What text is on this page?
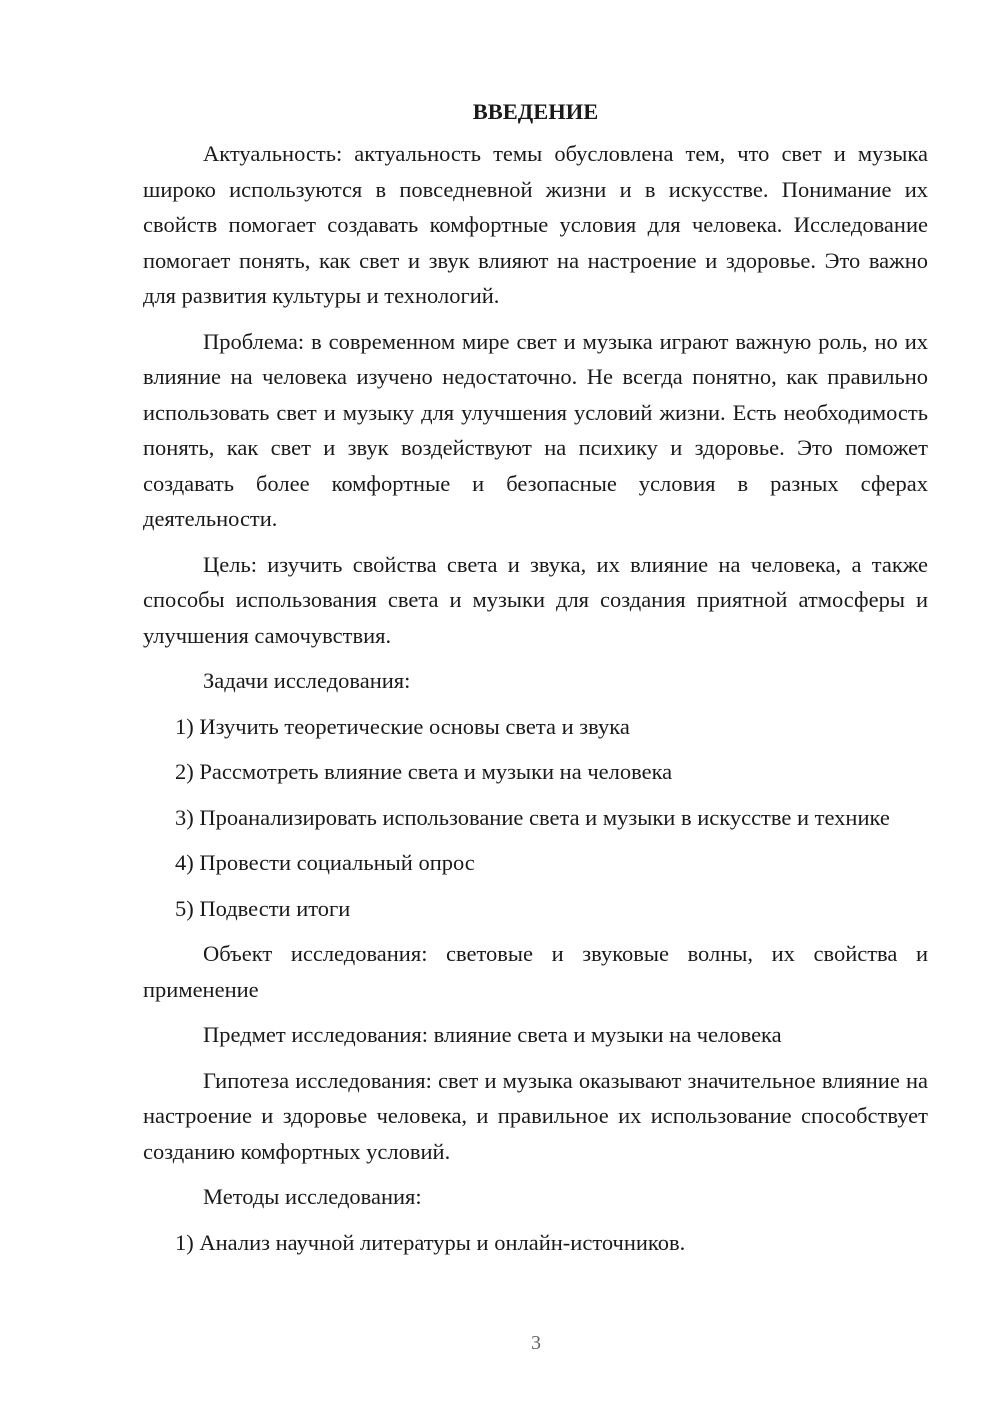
ВВЕДЕНИЕ

Актуальность: актуальность темы обусловлена тем, что свет и музыка широко используются в повседневной жизни и в искусстве. Понимание их свойств помогает создавать комфортные условия для человека. Исследование помогает понять, как свет и звук влияют на настроение и здоровье. Это важно для развития культуры и технологий.

Проблема: в современном мире свет и музыка играют важную роль, но их влияние на человека изучено недостаточно. Не всегда понятно, как правильно использовать свет и музыку для улучшения условий жизни. Есть необходимость понять, как свет и звук воздействуют на психику и здоровье. Это поможет создавать более комфортные и безопасные условия в разных сферах деятельности.

Цель: изучить свойства света и звука, их влияние на человека, а также способы использования света и музыки для создания приятной атмосферы и улучшения самочувствия.

Задачи исследования:

1) Изучить теоретические основы света и звука

2) Рассмотреть влияние света и музыки на человека

3) Проанализировать использование света и музыки в искусстве и технике

4) Провести социальный опрос

5) Подвести итоги

Объект исследования: световые и звуковые волны, их свойства и применение

Предмет исследования: влияние света и музыки на человека

Гипотеза исследования: свет и музыка оказывают значительное влияние на настроение и здоровье человека, и правильное их использование способствует созданию комфортных условий.

Методы исследования:

1) Анализ научной литературы и онлайн-источников.

3
